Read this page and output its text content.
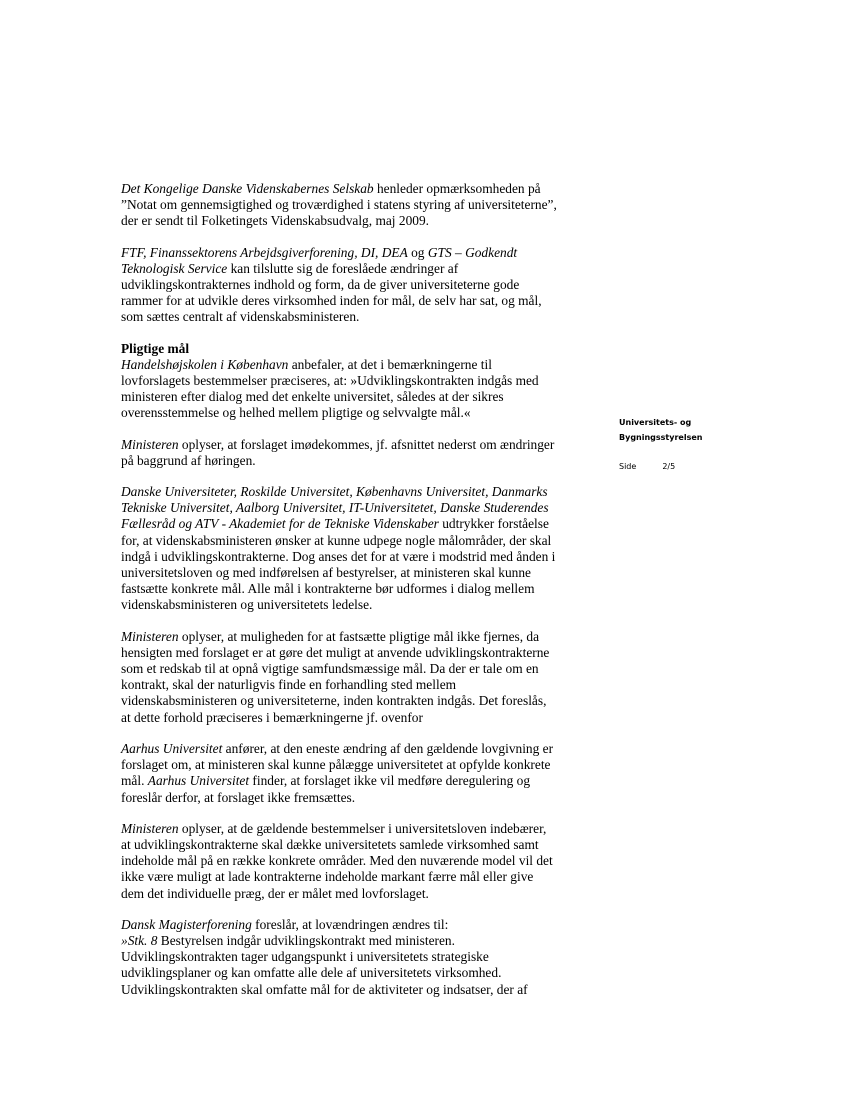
Det Kongelige Danske Videnskabernes Selskab henleder opmærksomheden på
”Notat om gennemsigtighed og troværdighed i statens styring af universiteterne”,
der er sendt til Folketingets Videnskabsudvalg, maj 2009.

FTF, Finanssektorens Arbejdsgiverforening, DI, DEA og GTS – Godkendt
Teknologisk Service kan tilslutte sig de foreslåede ændringer af
udviklingskontrakternes indhold og form, da de giver universiteterne gode
rammer for at udvikle deres virksomhed inden for mål, de selv har sat, og mål,
som sættes centralt af videnskabsministeren.

Pligtige mål
Handelshøjskolen i København anbefaler, at det i bemærkningerne til
lovforslagets bestemmelser præciseres, at: »Udviklingskontrakten indgås med
ministeren efter dialog med det enkelte universitet, således at der sikres
overensstemmelse og helhed mellem pligtige og selvvalgte mål.«

Ministeren oplyser, at forslaget imødekommes, jf. afsnittet nederst om ændringer
på baggrund af høringen.

Danske Universiteter, Roskilde Universitet, Københavns Universitet, Danmarks
Tekniske Universitet, Aalborg Universitet, IT-Universitetet, Danske Studerendes
Fællesråd og ATV - Akademiet for de Tekniske Videnskaber udtrykker forståelse
for, at videnskabsministeren ønsker at kunne udpege nogle målområder, der skal
indgå i udviklingskontrakterne. Dog anses det for at være i modstrid med ånden i
universitetsloven og med indførelsen af bestyrelser, at ministeren skal kunne
fastsætte konkrete mål. Alle mål i kontrakterne bør udformes i dialog mellem
videnskabsministeren og universitetets ledelse.

Ministeren oplyser, at muligheden for at fastsætte pligtige mål ikke fjernes, da
hensigten med forslaget er at gøre det muligt at anvende udviklingskontrakterne
som et redskab til at opnå vigtige samfundsmæssige mål. Da der er tale om en
kontrakt, skal der naturligvis finde en forhandling sted mellem
videnskabsministeren og universiteterne, inden kontrakten indgås. Det foreslås,
at dette forhold præciseres i bemærkningerne jf. ovenfor

Aarhus Universitet anfører, at den eneste ændring af den gældende lovgivning er
forslaget om, at ministeren skal kunne pålægge universitetet at opfylde konkrete
mål. Aarhus Universitet finder, at forslaget ikke vil medføre deregulering og
foreslår derfor, at forslaget ikke fremsættes.

Ministeren oplyser, at de gældende bestemmelser i universitetsloven indebærer,
at udviklingskontrakterne skal dække universitetets samlede virksomhed samt
indeholde mål på en række konkrete områder. Med den nuværende model vil det
ikke være muligt at lade kontrakterne indeholde markant færre mål eller give
dem det individuelle præg, der er målet med lovforslaget.

Dansk Magisterforening foreslår, at lovændringen ændres til:
»Stk. 8 Bestyrelsen indgår udviklingskontrakt med ministeren.
Udviklingskontrakten tager udgangspunkt i universitetets strategiske
udviklingsplaner og kan omfatte alle dele af universitetets virksomhed.
Udviklingskontrakten skal omfatte mål for de aktiviteter og indsatser, der af

Universitets- og
Bygningsstyrelsen
Side	2/5
